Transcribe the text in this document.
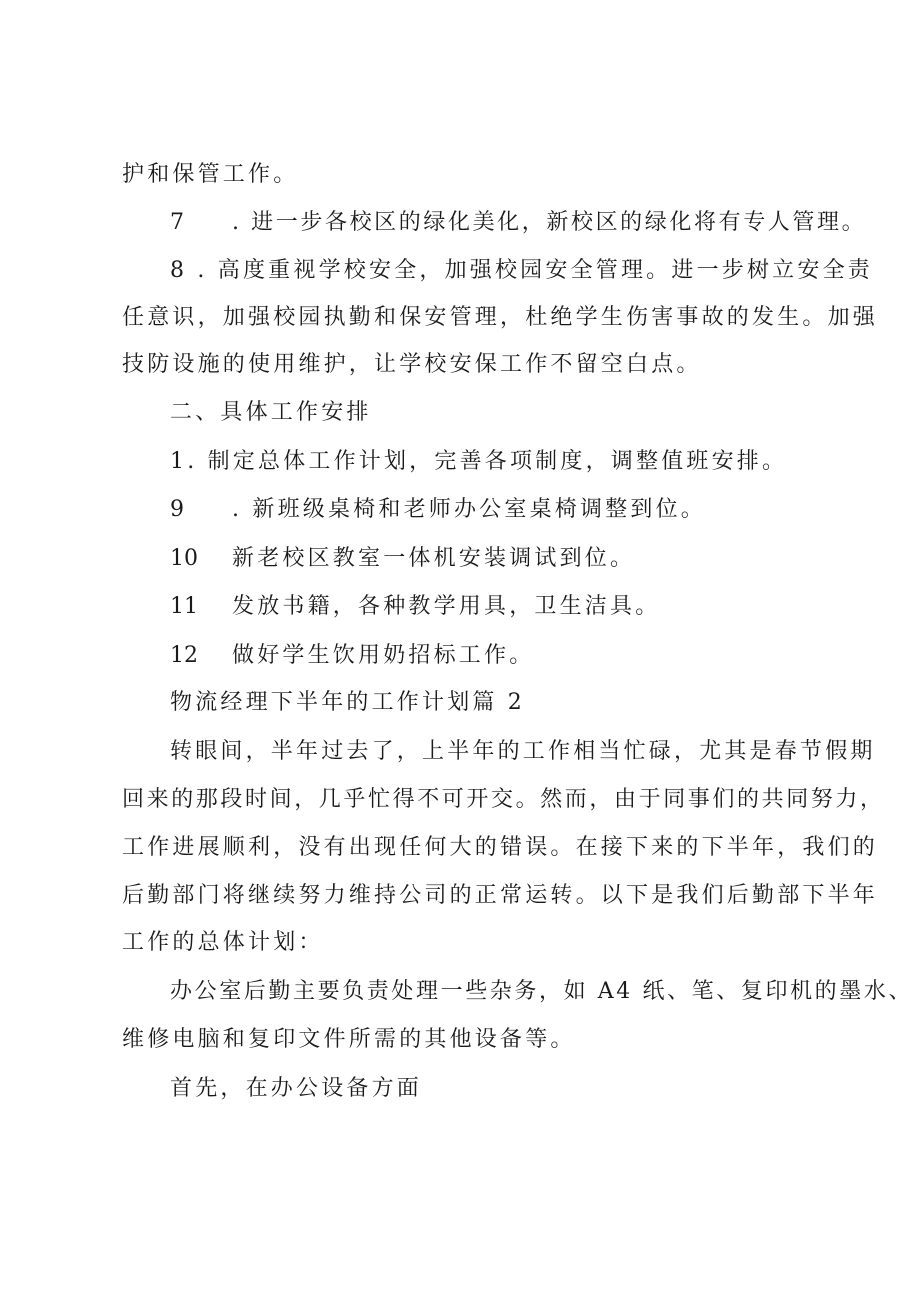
护和保管工作。
7 . 进一步各校区的绿化美化，新校区的绿化将有专人管理。
8 . 高度重视学校安全，加强校园安全管理。进一步树立安全责
任意识，加强校园执勤和保安管理，杜绝学生伤害事故的发生。加强
技防设施的使用维护，让学校安保工作不留空白点。
二、具体工作安排
1. 制定总体工作计划，完善各项制度，调整值班安排。
9 . 新班级桌椅和老师办公室桌椅调整到位。
10 新老校区教室一体机安装调试到位。
11 发放书籍，各种教学用具，卫生洁具。
12 做好学生饮用奶招标工作。
物流经理下半年的工作计划篇 2
转眼间，半年过去了，上半年的工作相当忙碌，尤其是春节假期
回来的那段时间，几乎忙得不可开交。然而，由于同事们的共同努力，
工作进展顺利，没有出现任何大的错误。在接下来的下半年，我们的
后勤部门将继续努力维持公司的正常运转。以下是我们后勤部下半年
工作的总体计划：
办公室后勤主要负责处理一些杂务，如 A4 纸、笔、复印机的墨水、
维修电脑和复印文件所需的其他设备等。
首先，在办公设备方面
